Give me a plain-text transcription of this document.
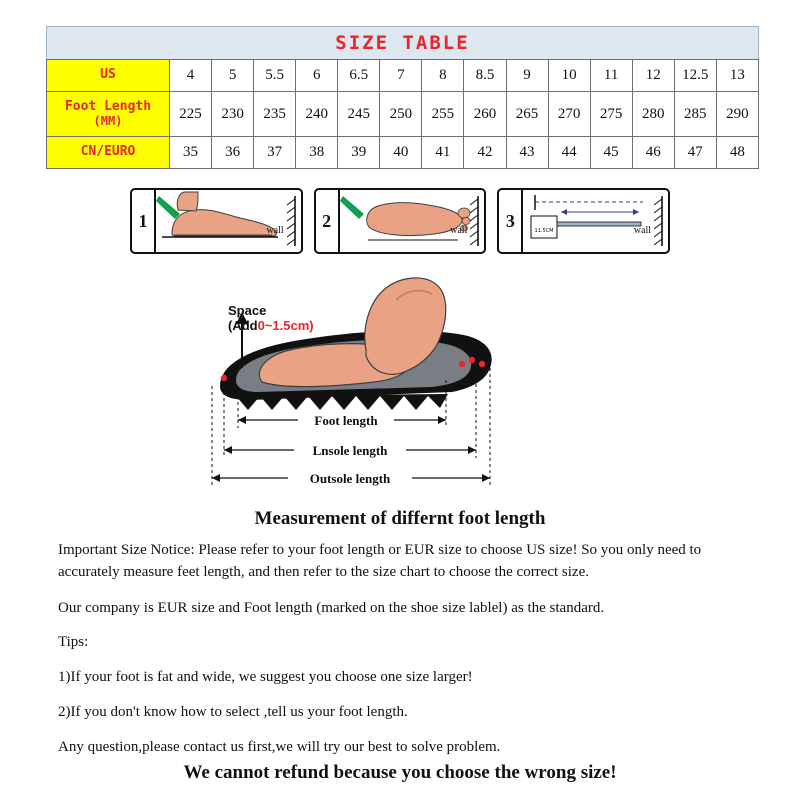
SIZE TABLE
US	4	5	5.5	6	6.5	7	8	8.5	9	10	11	12	12.5	13
Foot Length
(MM)	225	230	235	240	245	250	255	260	265	270	275	280	285	290
CN/EURO	35	36	37	38	39	40	41	42	43	44	45	46	47	48
1	wall	2	wall	3
11.5CM	wall
Foot length
Lnsole length
Outsole length
Space
(Add0~1.5cm)
Measurement of differnt foot length

Important Size Notice: Please refer to your foot length or EUR size to choose US size! So you only need to accurately measure feet length, and then refer to the size chart to choose the correct size.

Our company is EUR size and Foot length (marked on the shoe size lablel) as the standard.

Tips:

1)If your foot is fat and wide, we suggest you choose one size larger!

2)If you don't know how to select ,tell us your foot length.

Any question,please contact us first,we will try our best to solve problem.

We cannot refund because you choose the wrong size!
